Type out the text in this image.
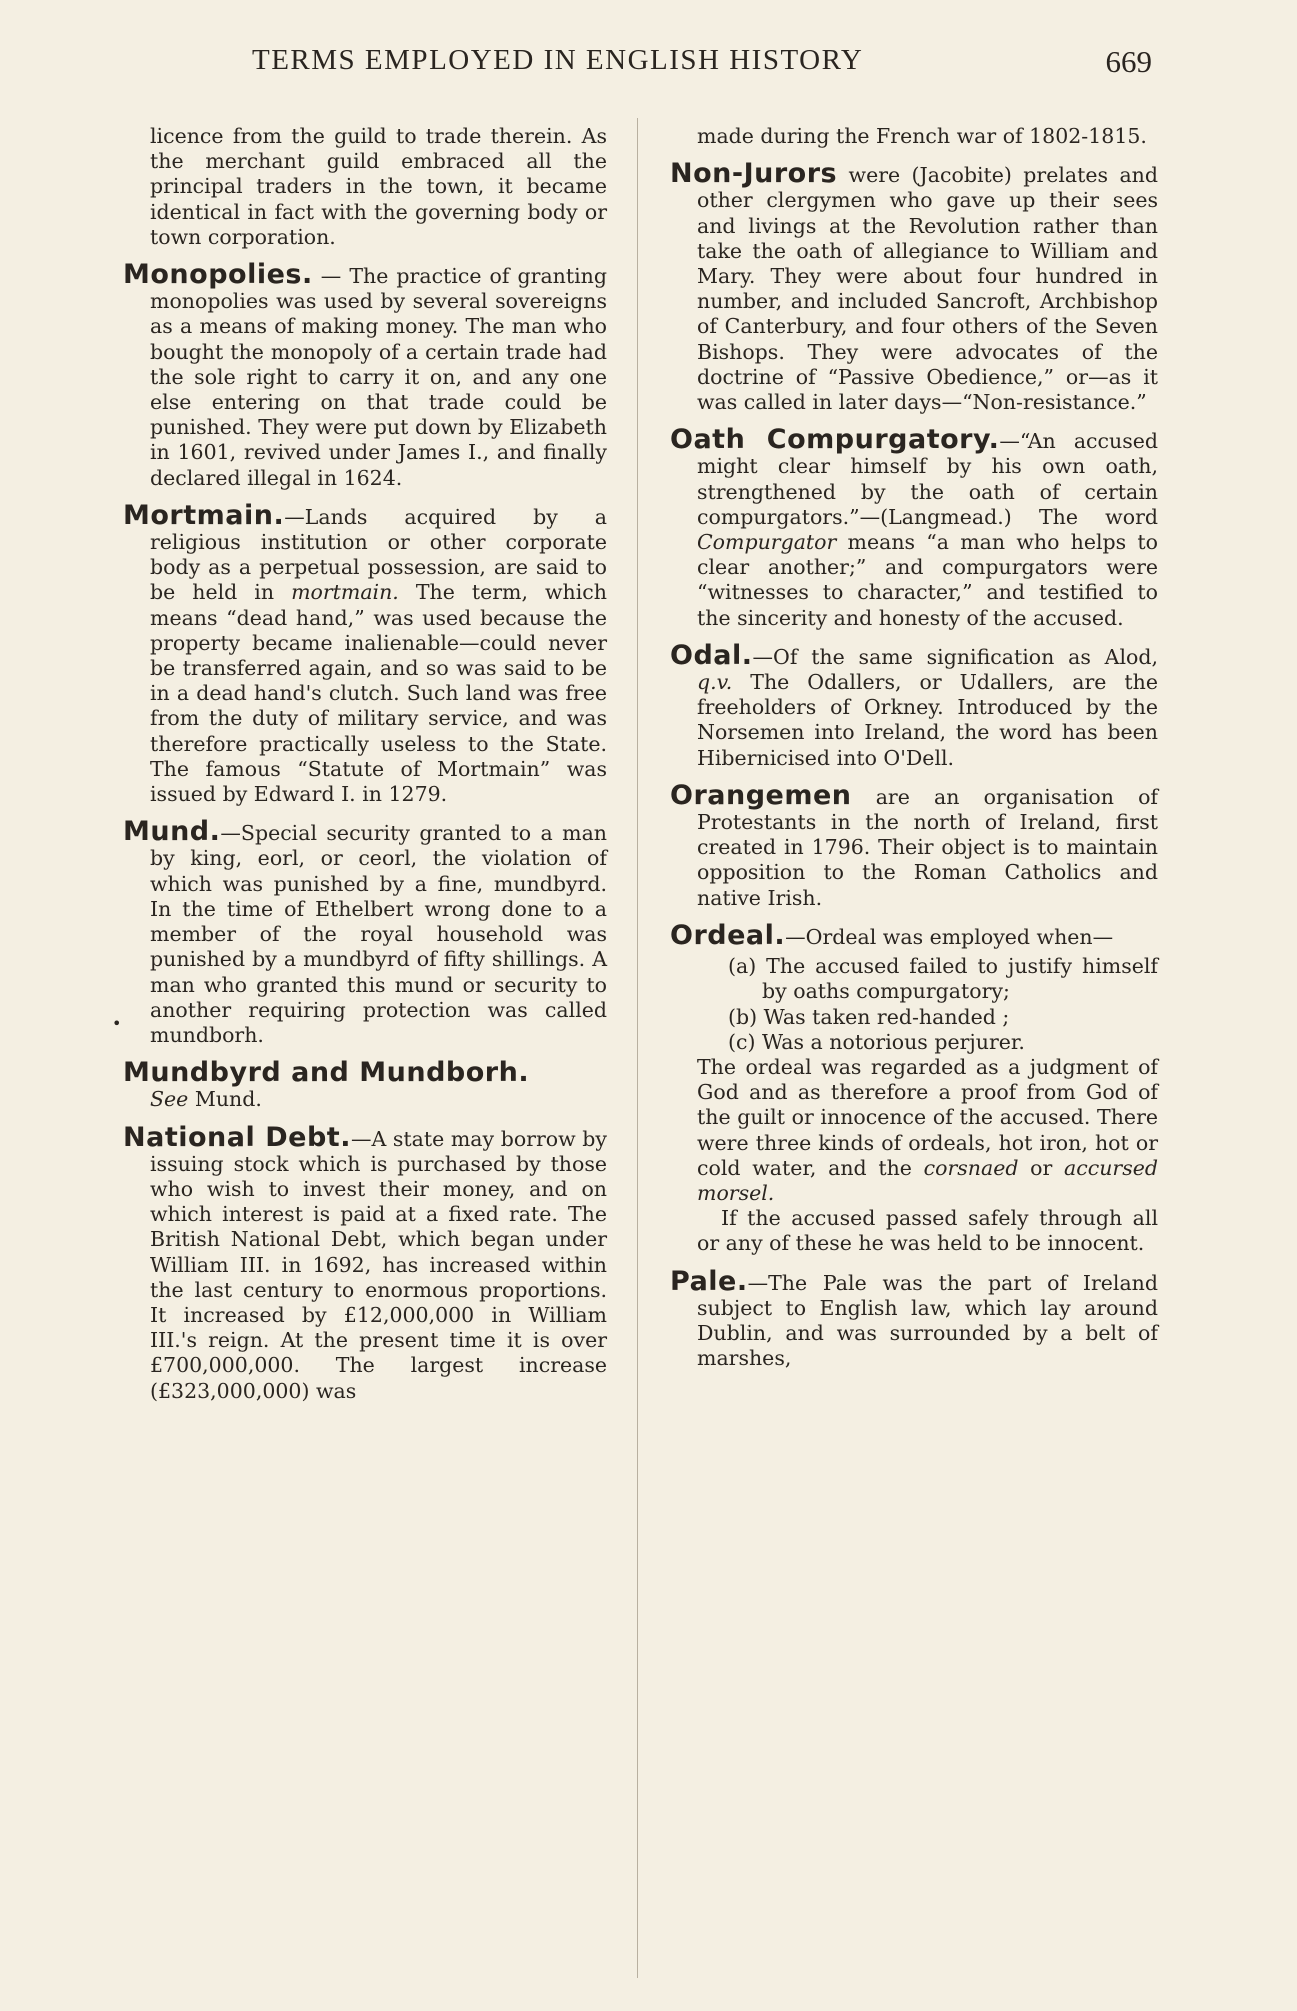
TERMS EMPLOYED IN ENGLISH HISTORY	669
•

licence from the guild to trade therein. As the merchant guild embraced all the principal traders in the town, it became identical in fact with the governing body or town corporation.

Monopolies. — The practice of granting monopolies was used by several sovereigns as a means of making money. The man who bought the monopoly of a certain trade had the sole right to carry it on, and any one else entering on that trade could be punished. They were put down by Elizabeth in 1601, revived under James I., and finally declared illegal in 1624.

Mortmain.—Lands acquired by a religious institution or other corporate body as a perpetual possession, are said to be held in mortmain. The term, which means “dead hand,” was used because the property became inalienable—could never be transferred again, and so was said to be in a dead hand's clutch. Such land was free from the duty of military service, and was therefore practically useless to the State. The famous “Statute of Mortmain” was issued by Edward I. in 1279.

Mund.—Special security granted to a man by king, eorl, or ceorl, the violation of which was punished by a fine, mundbyrd. In the time of Ethelbert wrong done to a member of the royal household was punished by a mundbyrd of fifty shillings. A man who granted this mund or security to another requiring protection was called mundborh.

Mundbyrd and Mundborh.
See Mund.

National Debt.—A state may borrow by issuing stock which is purchased by those who wish to invest their money, and on which interest is paid at a fixed rate. The British National Debt, which began under William III. in 1692, has increased within the last century to enormous proportions. It increased by £12,000,000 in William III.'s reign. At the present time it is over £700,000,000. The largest increase (£323,000,000) was

made during the French war of 1802-1815.

Non-Jurors were (Jacobite) prelates and other clergymen who gave up their sees and livings at the Revolution rather than take the oath of allegiance to William and Mary. They were about four hundred in number, and included Sancroft, Archbishop of Canterbury, and four others of the Seven Bishops. They were advocates of the doctrine of “Passive Obedience,” or—as it was called in later days—“Non-resistance.”

Oath Compurgatory.—“An accused might clear himself by his own oath, strengthened by the oath of certain compurgators.”—(Langmead.) The word Compurgator means “a man who helps to clear another;” and compurgators were “witnesses to character,” and testified to the sincerity and honesty of the accused.

Odal.—Of the same signification as Alod, q.v. The Odallers, or Udallers, are the freeholders of Orkney. Introduced by the Norsemen into Ireland, the word has been Hibernicised into O'Dell.

Orangemen are an organisation of Protestants in the north of Ireland, first created in 1796. Their object is to maintain opposition to the Roman Catholics and native Irish.

Ordeal.—Ordeal was employed when—

(a) The accused failed to justify himself by oaths compurgatory;
(b) Was taken red-handed ;
(c) Was a notorious perjurer.

The ordeal was regarded as a judgment of God and as therefore a proof from God of the guilt or innocence of the accused. There were three kinds of ordeals, hot iron, hot or cold water, and the corsnaed or accursed morsel.

If the accused passed safely through all or any of these he was held to be innocent.

Pale.—The Pale was the part of Ireland subject to English law, which lay around Dublin, and was surrounded by a belt of marshes,
